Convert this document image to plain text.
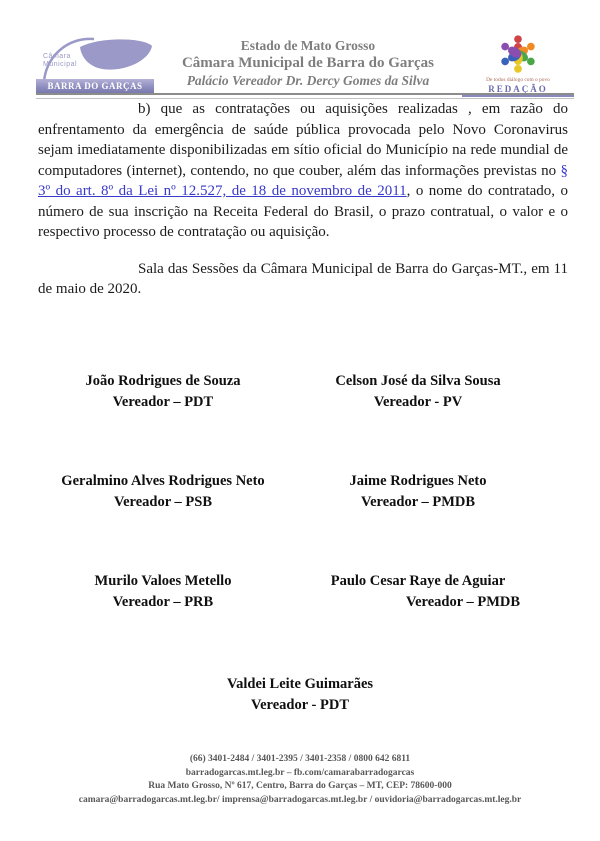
Câmara
Municipal
BARRA DO GARÇAS
Estado de Mato Grosso
Câmara Municipal de Barra do Garças
Palácio Vereador Dr. Dercy Gomes da Silva	De todos diálogo com o povo
REDAÇÃO

b) que as contratações ou aquisições realizadas , em razão do enfrentamento da emergência de saúde pública provocada pelo Novo Coronavirus sejam imediatamente disponibilizadas em sítio oficial do Município na rede mundial de computadores (internet), contendo, no que couber, além das informações previstas no § 3º do art. 8º da Lei nº 12.527, de 18 de novembro de 2011, o nome do contratado, o número de sua inscrição na Receita Federal do Brasil, o prazo contratual, o valor e o respectivo processo de contratação ou aquisição.

Sala das Sessões da Câmara Municipal de Barra do Garças-MT., em 11 de maio de 2020.

João Rodrigues de Souza
Vereador – PDT
Celson José da Silva Sousa
Vereador - PV
Geralmino Alves Rodrigues Neto
Vereador – PSB
Jaime Rodrigues Neto
Vereador – PMDB
Murilo Valoes Metello
Vereador – PRB
Paulo Cesar Raye de Aguiar
Vereador – PMDB
Valdei Leite Guimarães
Vereador - PDT
(66) 3401-2484 / 3401-2395 / 3401-2358 / 0800 642 6811
barradogarcas.mt.leg.br – fb.com/camarabarradogarcas
Rua Mato Grosso, Nº 617, Centro, Barra do Garças – MT, CEP: 78600-000
camara@barradogarcas.mt.leg.br/ imprensa@barradogarcas.mt.leg.br / ouvidoria@barradogarcas.mt.leg.br
